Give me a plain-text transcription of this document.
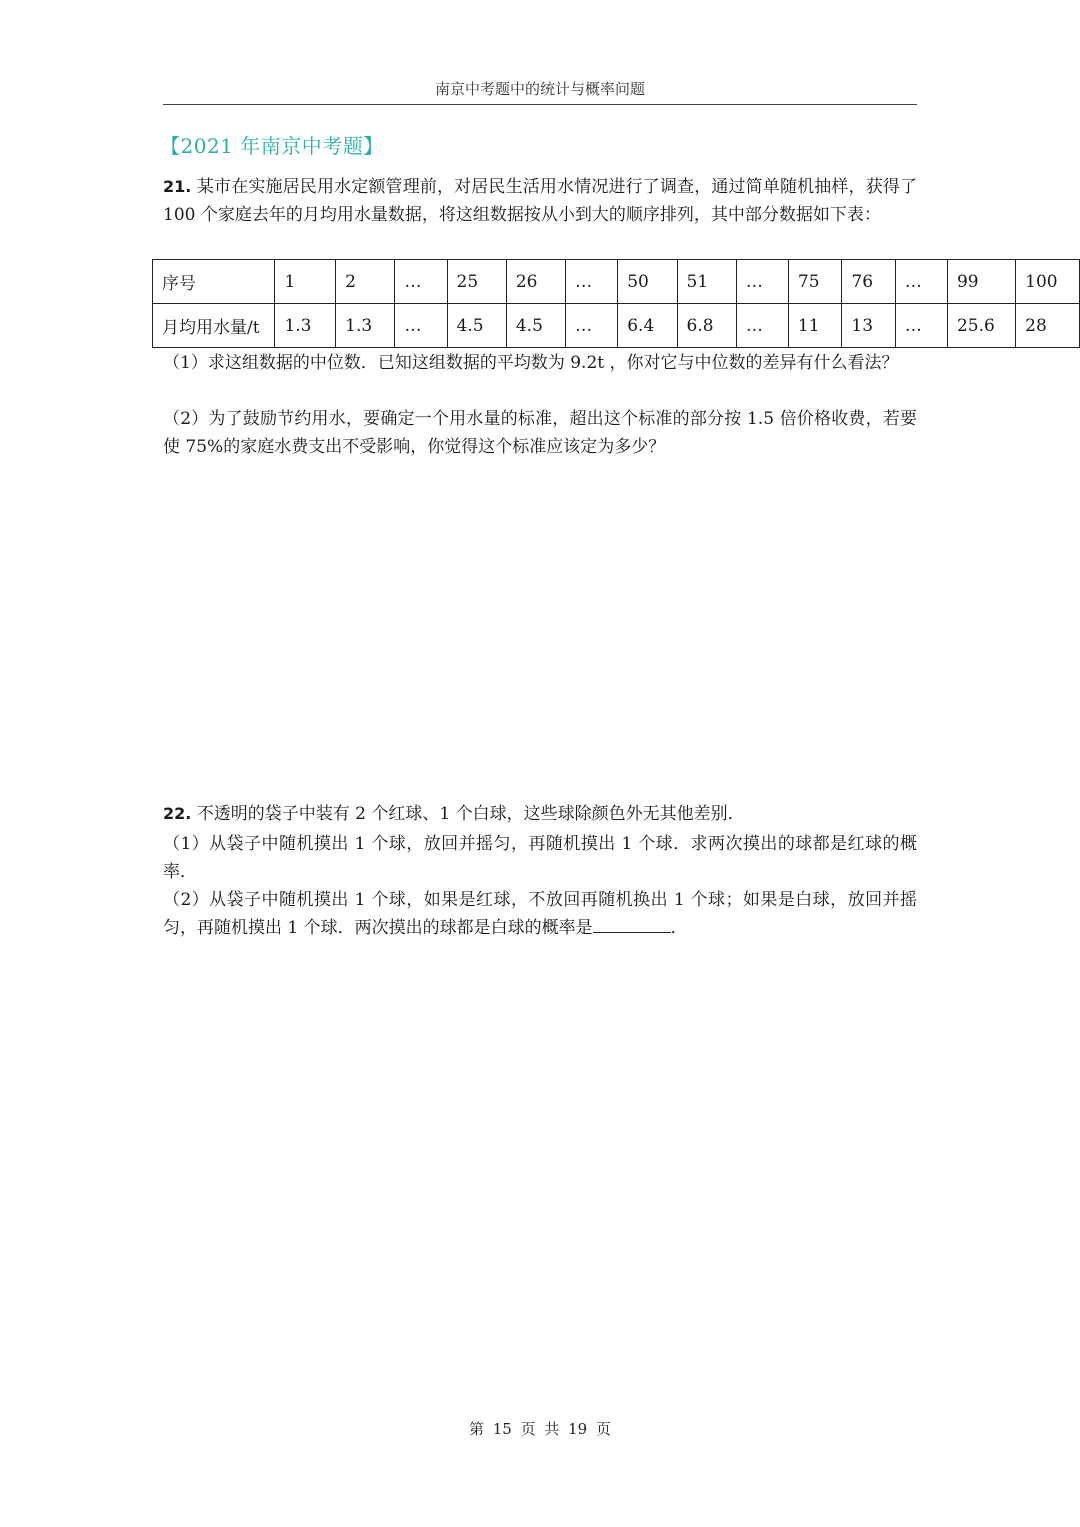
南京中考题中的统计与概率问题
【2021 年南京中考题】

21. 某市在实施居民用水定额管理前，对居民生活用水情况进行了调查，通过简单随机抽样，获得了 100 个家庭去年的月均用水量数据，将这组数据按从小到大的顺序排列，其中部分数据如下表：

序号	1	2	…	25	26	…	50	51	…	75	76	…	99	100
月均用水量/t	1.3	1.3	…	4.5	4.5	…	6.4	6.8	…	11	13	…	25.6	28

（1）求这组数据的中位数．已知这组数据的平均数为 9.2t ，你对它与中位数的差异有什么看法？

（2）为了鼓励节约用水，要确定一个用水量的标准，超出这个标准的部分按 1.5 倍价格收费，若要使 75%的家庭水费支出不受影响，你觉得这个标准应该定为多少？

22. 不透明的袋子中装有 2 个红球、1 个白球，这些球除颜色外无其他差别．

（1）从袋子中随机摸出 1 个球，放回并摇匀，再随机摸出 1 个球．求两次摸出的球都是红球的概率．

（2）从袋子中随机摸出 1 个球，如果是红球，不放回再随机换出 1 个球；如果是白球，放回并摇匀，再随机摸出 1 个球．两次摸出的球都是白球的概率是	．

第 15 页 共 19 页
